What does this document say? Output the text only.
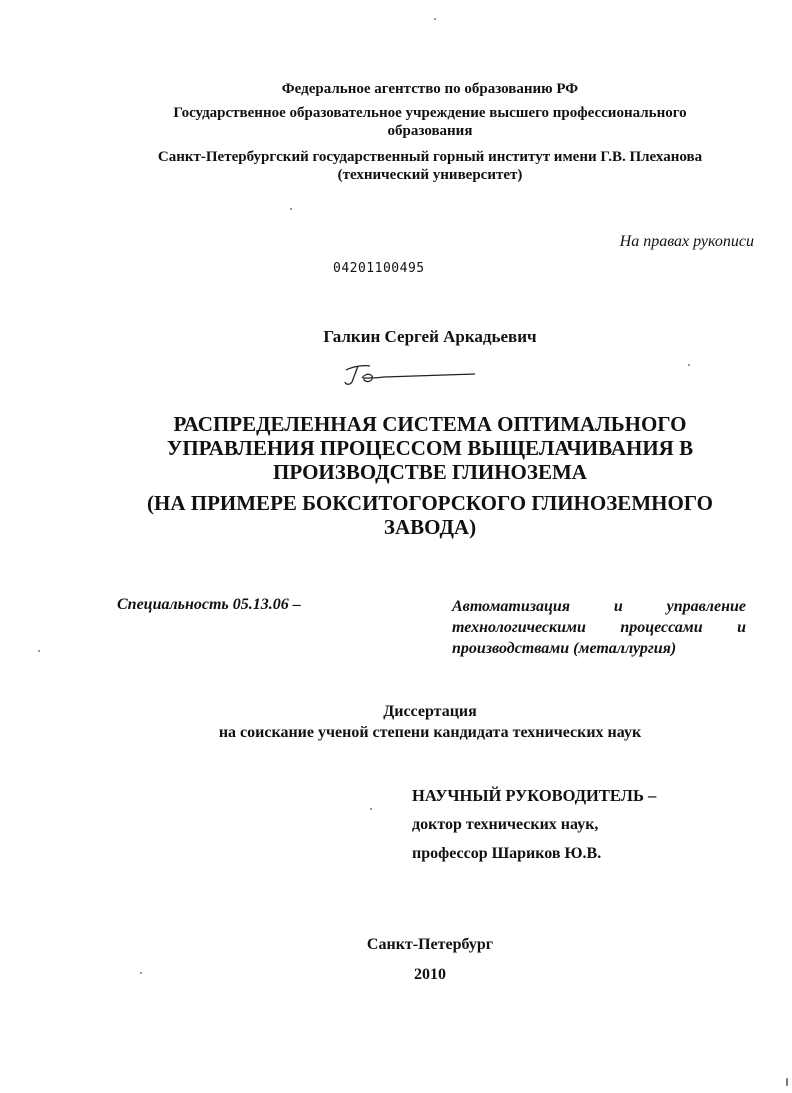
Федеральное агентство по образованию РФ
Государственное образовательное учреждение высшего профессионального
образования
Санкт-Петербургский государственный горный институт имени Г.В. Плеханова
(технический университет)
На правах рукописи
04201100495
Галкин Сергей Аркадьевич
РАСПРЕДЕЛЕННАЯ СИСТЕМА ОПТИМАЛЬНОГО
УПРАВЛЕНИЯ ПРОЦЕССОМ ВЫЩЕЛАЧИВАНИЯ В
ПРОИЗВОДСТВЕ ГЛИНОЗЕМА
(НА ПРИМЕРЕ БОКСИТОГОРСКОГО ГЛИНОЗЕМНОГО
ЗАВОДА)
Специальность 05.13.06 –	Автоматизация и управление
технологическими процессами и
производствами (металлургия)
Диссертация
на соискание ученой степени кандидата технических наук
НАУЧНЫЙ РУКОВОДИТЕЛЬ –
доктор технических наук,
профессор Шариков Ю.В.
Санкт-Петербург
2010
